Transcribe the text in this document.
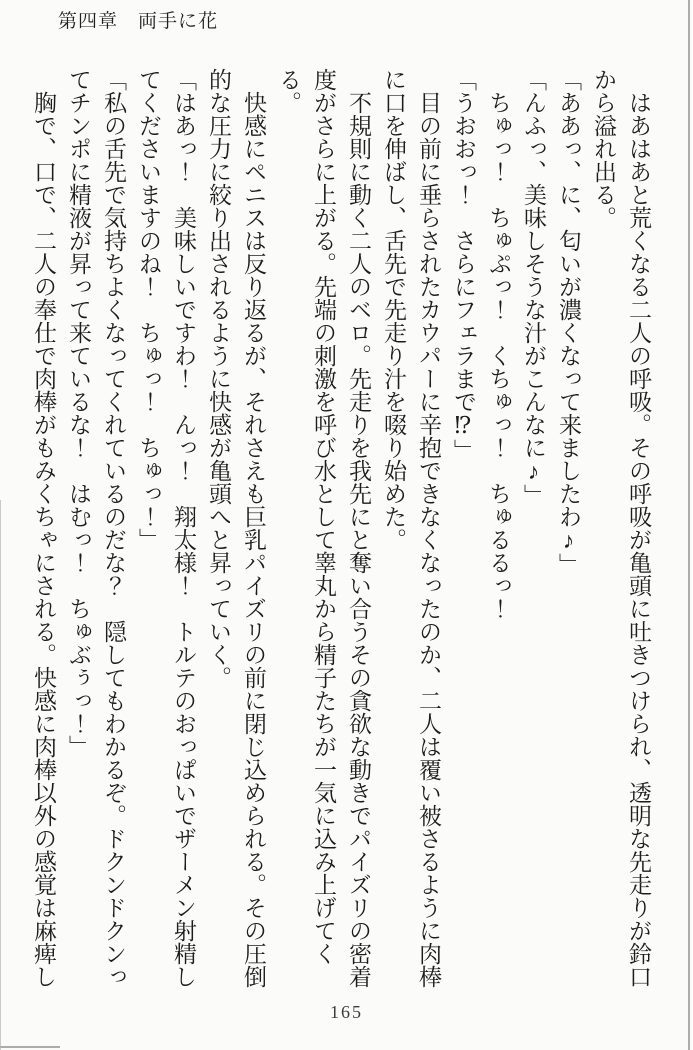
第四章　両手に花

はあはあと荒くなる二人の呼吸。その呼吸が亀頭に吐きつけられ、透明な先走りが鈴口から溢れ出る。

「ああっ、に、匂いが濃くなって来ましたわ♪」

「んふっ、美味しそうな汁がこんなに♪」

ちゅっ！　ちゅぷっ！　くちゅっ！　ちゅるるっ！

「うおおっ！　さらにフェラまで⁉」

目の前に垂らされたカウパーに辛抱できなくなったのか、二人は覆い被さるように肉棒に口を伸ばし、舌先で先走り汁を啜り始めた。

不規則に動く二人のベロ。先走りを我先にと奪い合うその貪欲な動きでパイズリの密着度がさらに上がる。先端の刺激を呼び水として睾丸から精子たちが一気に込み上げてくる。

快感にペニスは反り返るが、それさえも巨乳パイズリの前に閉じ込められる。その圧倒的な圧力に絞り出されるように快感が亀頭へと昇っていく。

「はあっ！　美味しいですわ！　んっ！　翔太様！　トルテのおっぱいでザーメン射精してくださいますのね！　ちゅっ！　ちゅっ！」

「私の舌先で気持ちよくなってくれているのだな？　隠してもわかるぞ。ドクンドクンってチンポに精液が昇って来ているな！　はむっ！　ちゅぶぅっ！」

胸で、口で、二人の奉仕で肉棒がもみくちゃにされる。快感に肉棒以外の感覚は麻痺し

165
